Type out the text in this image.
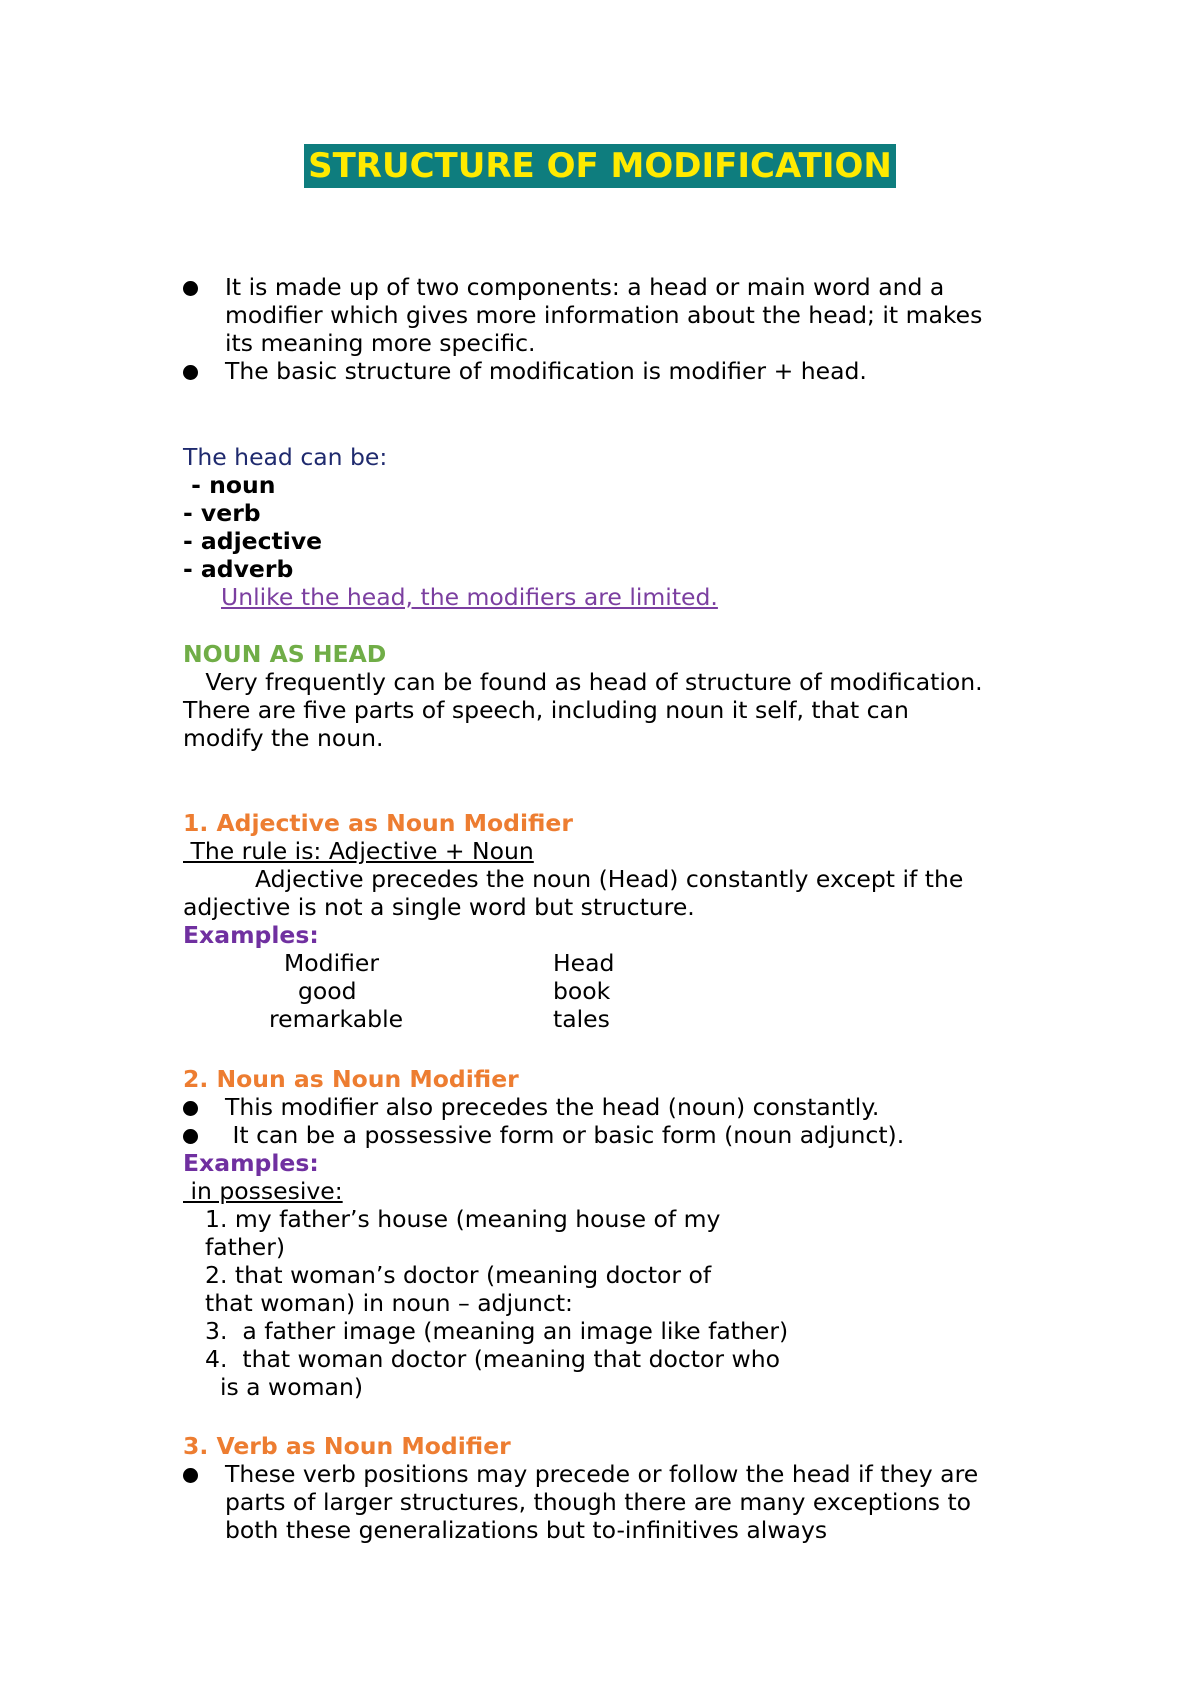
STRUCTURE OF MODIFICATION
It is made up of two components: a head or main word and a
modifier which gives more information about the head; it makes
its meaning more specific.
The basic structure of modification is modifier + head.
The head can be:
- noun
- verb
- adjective
- adverb
Unlike the head, the modifiers are limited.
NOUN AS HEAD
Very frequently can be found as head of structure of modification.
There are five parts of speech, including noun it self, that can
modify the noun.
1. Adjective as Noun Modifier
The rule is: Adjective + Noun
Adjective precedes the noun (Head) constantly except if the
adjective is not a single word but structure.
Examples:
Modifier	Head
good	book
remarkable	tales
2. Noun as Noun Modifier
This modifier also precedes the head (noun) constantly.
It can be a possessive form or basic form (noun adjunct).
Examples:
in possesive:
1. my father’s house (meaning house of my
father)
2. that woman’s doctor (meaning doctor of
that woman) in noun – adjunct:
3.  a father image (meaning an image like father)
4.  that woman doctor (meaning that doctor who
is a woman)
3. Verb as Noun Modifier
These verb positions may precede or follow the head if they are
parts of larger structures, though there are many exceptions to
both these generalizations but to-infinitives always
